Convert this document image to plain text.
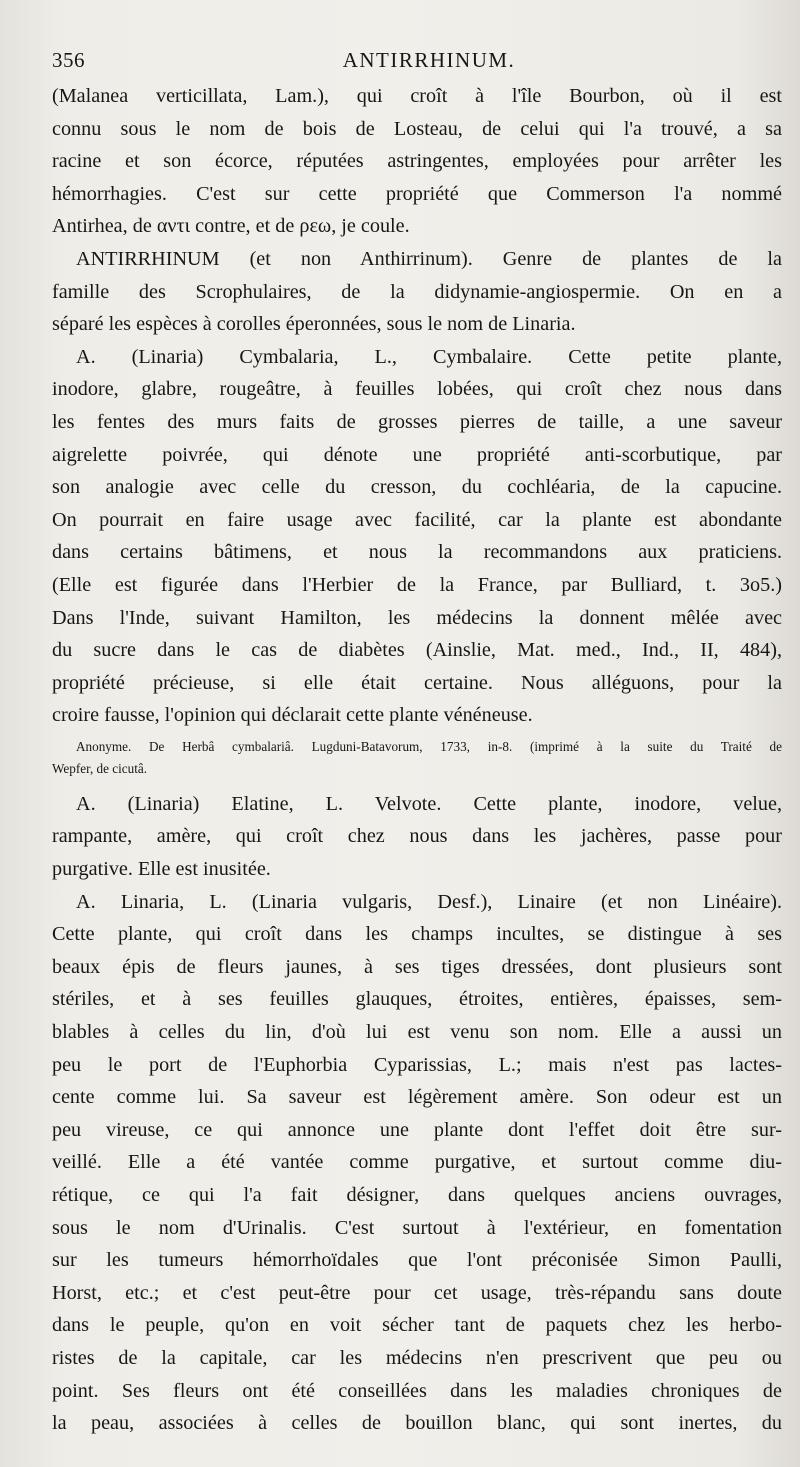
356	ANTIRRHINUM.
(Malanea verticillata, Lam.), qui croît à l'île Bourbon, où il est
connu sous le nom de bois de Losteau, de celui qui l'a trouvé, a sa
racine et son écorce, réputées astringentes, employées pour arrêter les
hémorrhagies. C'est sur cette propriété que Commerson l'a nommé
Antirhea, de αντι contre, et de ρεω, je coule.
ANTIRRHINUM (et non Anthirrinum). Genre de plantes de la
famille des Scrophulaires, de la didynamie-angiospermie. On en a
séparé les espèces à corolles éperonnées, sous le nom de Linaria.
A. (Linaria) Cymbalaria, L., Cymbalaire. Cette petite plante,
inodore, glabre, rougeâtre, à feuilles lobées, qui croît chez nous dans
les fentes des murs faits de grosses pierres de taille, a une saveur
aigrelette poivrée, qui dénote une propriété anti-scorbutique, par
son analogie avec celle du cresson, du cochléaria, de la capucine.
On pourrait en faire usage avec facilité, car la plante est abondante
dans certains bâtimens, et nous la recommandons aux praticiens.
(Elle est figurée dans l'Herbier de la France, par Bulliard, t. 3o5.)
Dans l'Inde, suivant Hamilton, les médecins la donnent mêlée avec
du sucre dans le cas de diabètes (Ainslie, Mat. med., Ind., II, 484),
propriété précieuse, si elle était certaine. Nous alléguons, pour la
croire fausse, l'opinion qui déclarait cette plante vénéneuse.
Anonyme. De Herbâ cymbalariâ. Lugduni-Batavorum, 1733, in-8. (imprimé à la suite du Traité de
Wepfer, de cicutâ.
A. (Linaria) Elatine, L. Velvote. Cette plante, inodore, velue,
rampante, amère, qui croît chez nous dans les jachères, passe pour
purgative. Elle est inusitée.
A. Linaria, L. (Linaria vulgaris, Desf.), Linaire (et non Linéaire).
Cette plante, qui croît dans les champs incultes, se distingue à ses
beaux épis de fleurs jaunes, à ses tiges dressées, dont plusieurs sont
stériles, et à ses feuilles glauques, étroites, entières, épaisses, sem-
blables à celles du lin, d'où lui est venu son nom. Elle a aussi un
peu le port de l'Euphorbia Cyparissias, L.; mais n'est pas lactes-
cente comme lui. Sa saveur est légèrement amère. Son odeur est un
peu vireuse, ce qui annonce une plante dont l'effet doit être sur-
veillé. Elle a été vantée comme purgative, et surtout comme diu-
rétique, ce qui l'a fait désigner, dans quelques anciens ouvrages,
sous le nom d'Urinalis. C'est surtout à l'extérieur, en fomentation
sur les tumeurs hémorrhoïdales que l'ont préconisée Simon Paulli,
Horst, etc.; et c'est peut-être pour cet usage, très-répandu sans doute
dans le peuple, qu'on en voit sécher tant de paquets chez les herbo-
ristes de la capitale, car les médecins n'en prescrivent que peu ou
point. Ses fleurs ont été conseillées dans les maladies chroniques de
la peau, associées à celles de bouillon blanc, qui sont inertes, du
